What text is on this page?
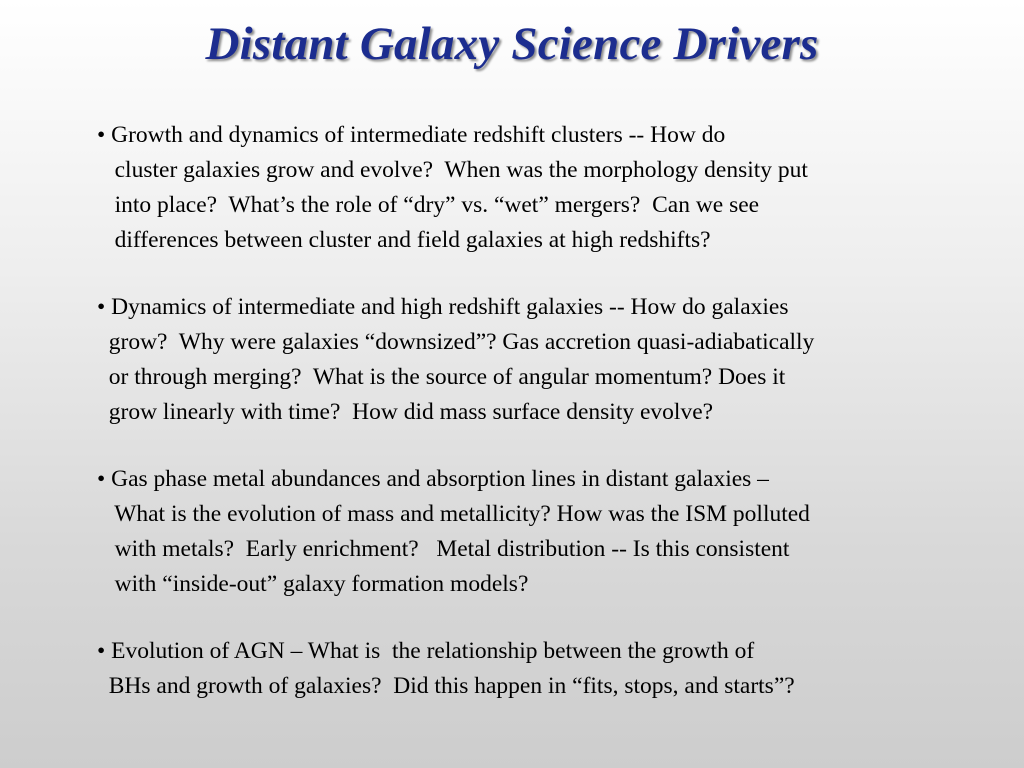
Distant Galaxy Science Drivers
• Growth and dynamics of intermediate redshift clusters -- How do
cluster galaxies grow and evolve?  When was the morphology density put
into place?  What’s the role of “dry” vs. “wet” mergers?  Can we see
differences between cluster and field galaxies at high redshifts?
• Dynamics of intermediate and high redshift galaxies -- How do galaxies
grow?  Why were galaxies “downsized”? Gas accretion quasi-adiabatically
or through merging?  What is the source of angular momentum? Does it
grow linearly with time?  How did mass surface density evolve?
• Gas phase metal abundances and absorption lines in distant galaxies –
What is the evolution of mass and metallicity? How was the ISM polluted
with metals?  Early enrichment?   Metal distribution -- Is this consistent
with “inside-out” galaxy formation models?
• Evolution of AGN – What is  the relationship between the growth of
BHs and growth of galaxies?  Did this happen in “fits, stops, and starts”?
